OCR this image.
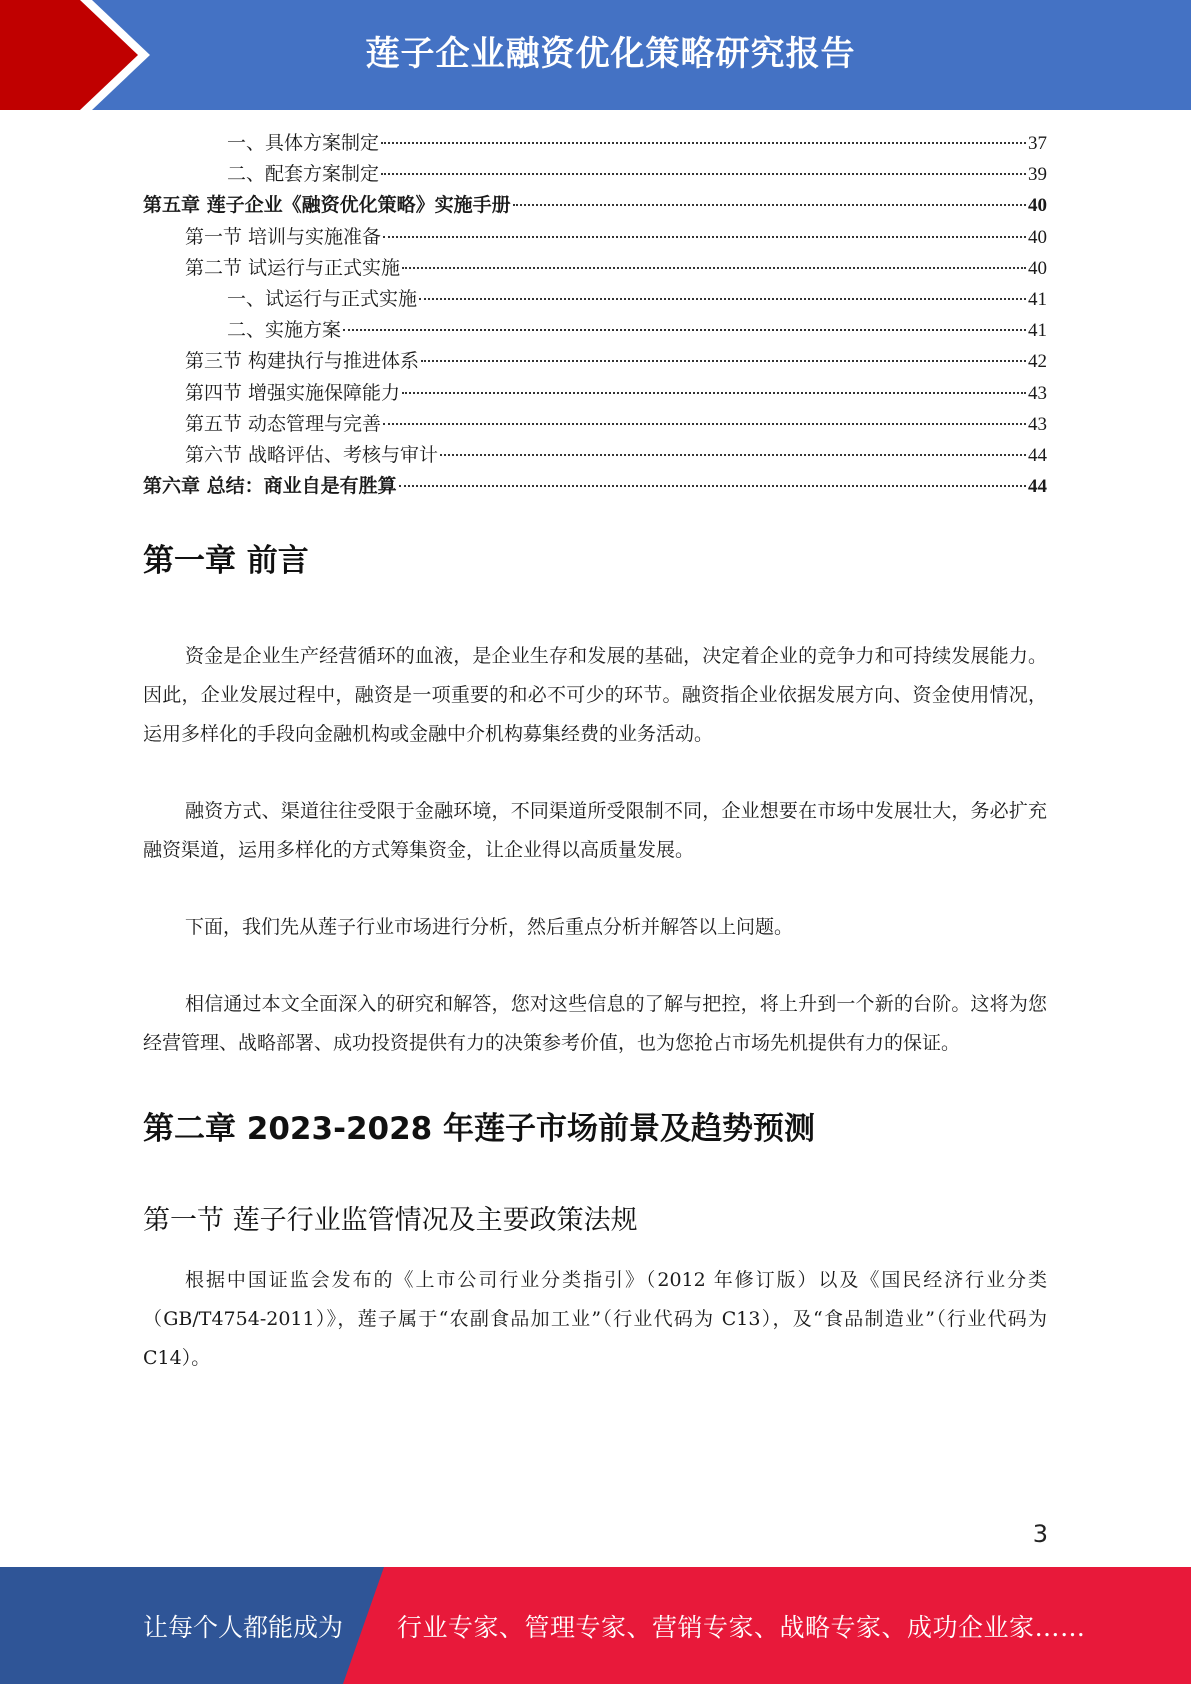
莲子企业融资优化策略研究报告
一、具体方案制定	37
二、配套方案制定	39
第五章 莲子企业《融资优化策略》实施手册	40
第一节 培训与实施准备	40
第二节 试运行与正式实施	40
一、试运行与正式实施	41
二、实施方案	41
第三节 构建执行与推进体系	42
第四节 增强实施保障能力	43
第五节 动态管理与完善	43
第六节 战略评估、考核与审计	44
第六章 总结：商业自是有胜算	44
第一章 前言

资金是企业生产经营循环的血液，是企业生存和发展的基础，决定着企业的竞争力和可持续发展能力。因此，企业发展过程中，融资是一项重要的和必不可少的环节。融资指企业依据发展方向、资金使用情况，运用多样化的手段向金融机构或金融中介机构募集经费的业务活动。

融资方式、渠道往往受限于金融环境，不同渠道所受限制不同，企业想要在市场中发展壮大，务必扩充融资渠道，运用多样化的方式筹集资金，让企业得以高质量发展。

下面，我们先从莲子行业市场进行分析，然后重点分析并解答以上问题。

相信通过本文全面深入的研究和解答，您对这些信息的了解与把控，将上升到一个新的台阶。这将为您经营管理、战略部署、成功投资提供有力的决策参考价值，也为您抢占市场先机提供有力的保证。

第二章 2023-2028 年莲子市场前景及趋势预测
第一节 莲子行业监管情况及主要政策法规

根据中国证监会发布的《上市公司行业分类指引》（2012 年修订版）以及《国民经济行业分类（GB/T4754-2011）》，莲子属于“农副食品加工业”（行业代码为 C13），及“食品制造业”（行业代码为 C14）。

3
让每个人都能成为 行业专家、管理专家、营销专家、战略专家、成功企业家……
